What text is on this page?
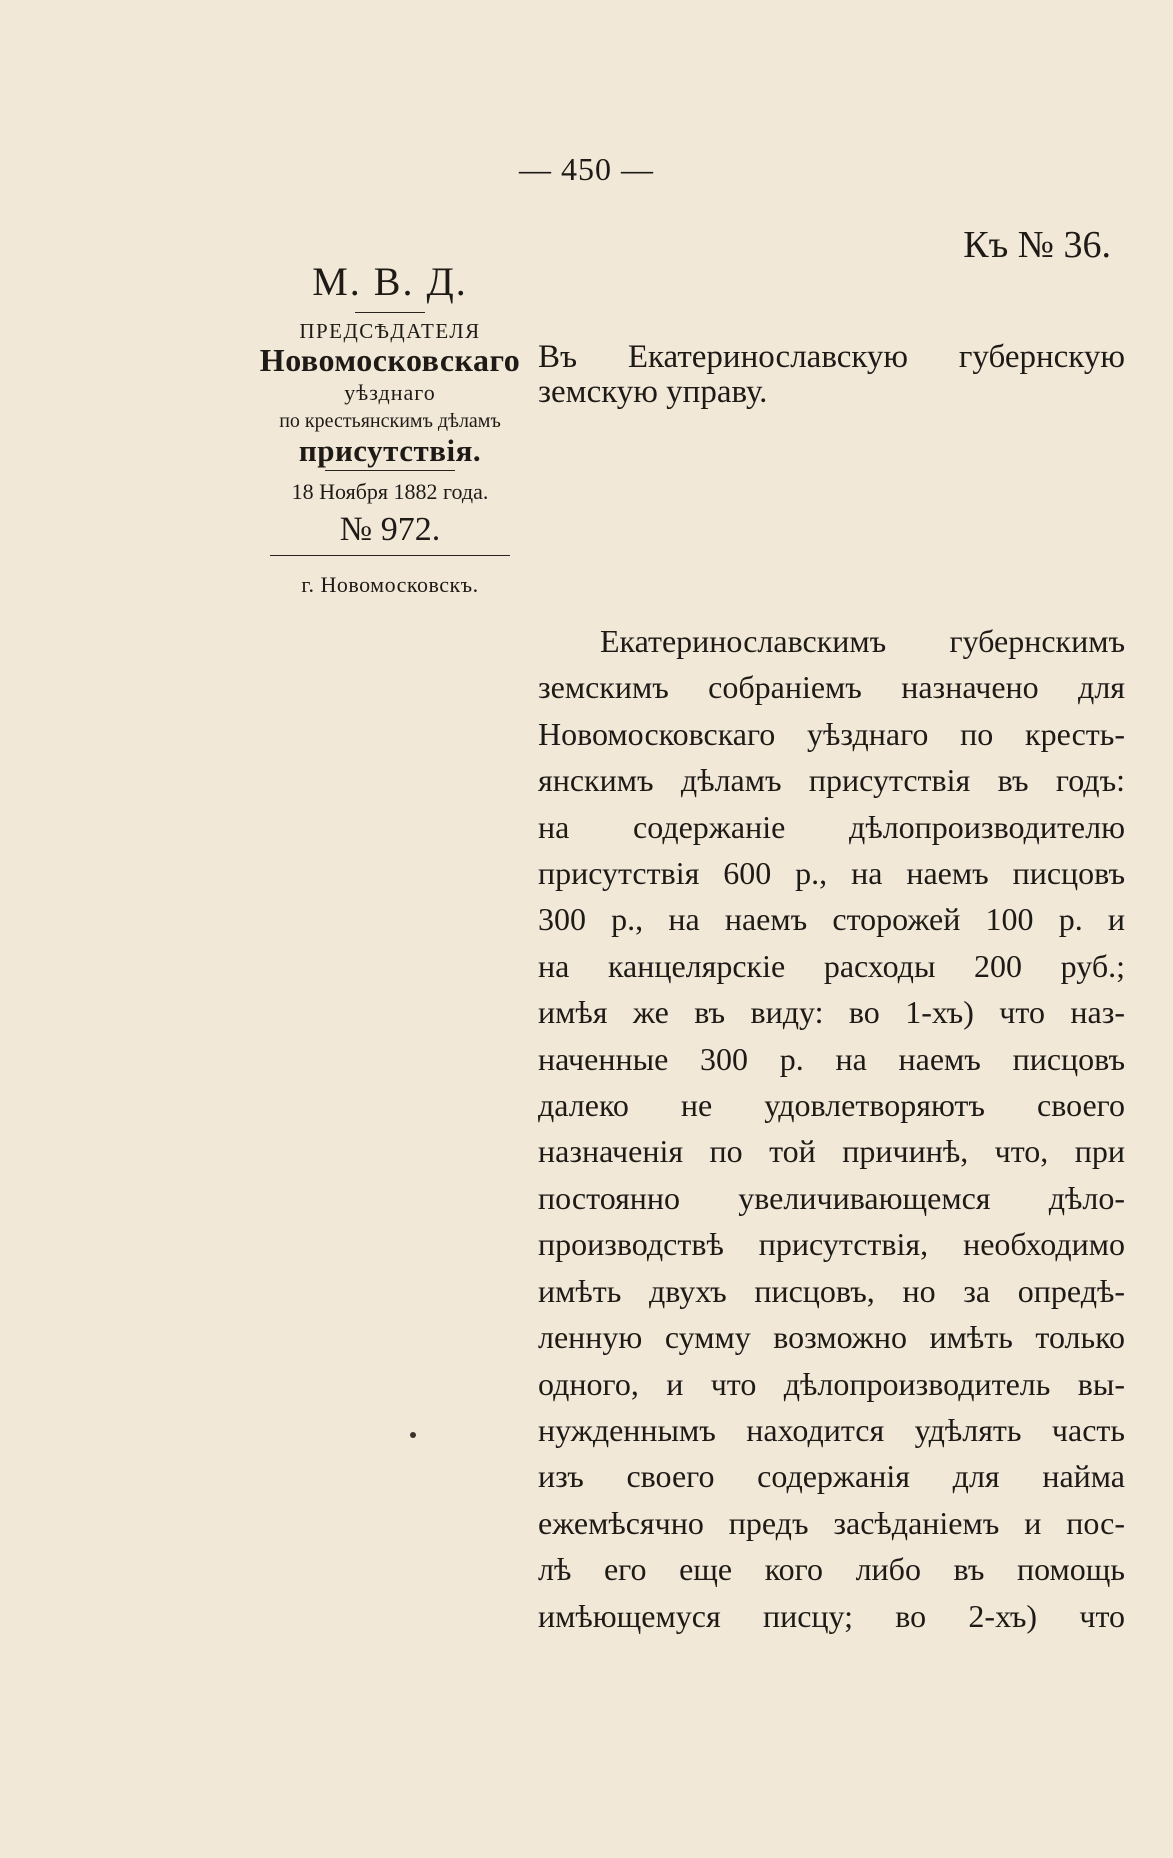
— 450 —
Къ № 36.
М. В. Д.
ПРЕДСѢДАТЕЛЯ
Новомосковскаго
уѣзднаго
по крестьянскимъ дѣламъ
присутствія.
18 Ноября 1882 года.
№ 972.
г. Новомосковскъ.
Въ Екатеринославскую губернскую
земскую управу.
Екатеринославскимъ губернскимъ
земскимъ собраніемъ назначено для
Новомосковскаго уѣзднаго по кресть-
янскимъ дѣламъ присутствія въ годъ:
на содержаніе дѣлопроизводителю
присутствія 600 р., на наемъ писцовъ
300 р., на наемъ сторожей 100 р. и
на канцелярскіе расходы 200 руб.;
имѣя же въ виду: во 1-хъ) что наз-
наченные 300 р. на наемъ писцовъ
далеко не удовлетворяютъ своего
назначенія по той причинѣ, что, при
постоянно увеличивающемся дѣло-
производствѣ присутствія, необходимо
имѣть двухъ писцовъ, но за опредѣ-
ленную сумму возможно имѣть только
одного, и что дѣлопроизводитель вы-
нужденнымъ находится удѣлять часть
изъ своего содержанія для найма
ежемѣсячно предъ засѣданіемъ и пос-
лѣ его еще кого либо въ помощь
имѣющемуся писцу; во 2-хъ) что
